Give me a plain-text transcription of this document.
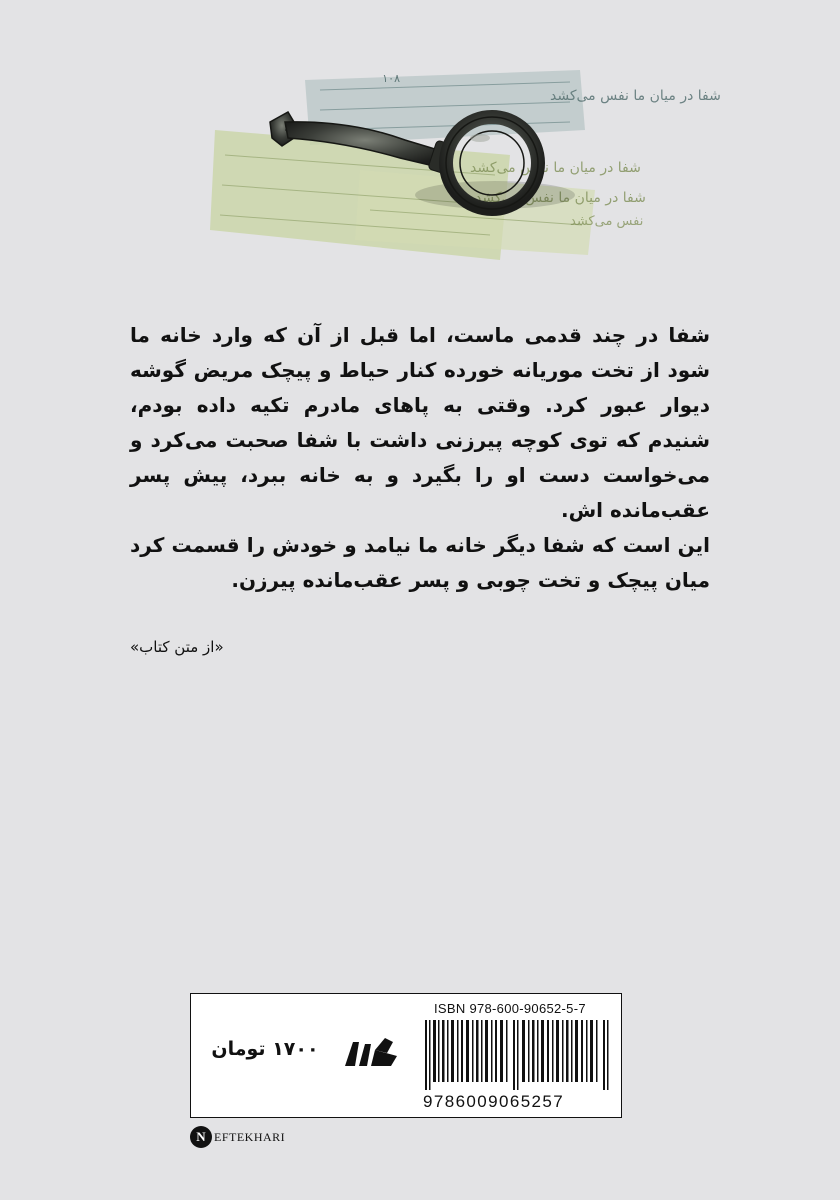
۱۰۸
شفا در میان ما نفس می‌کشد
شفا در میان ما نفس می‌کشد
شفا در میان ما نفس می‌کشد
نفس می‌کشد

شفا در چند قدمی ماست، اما قبل از آن که وارد خانه ما شود از تخت موریانه خورده کنار حیاط و پیچک مریض گوشه دیوار عبور کرد. وقتی به پاهای مادرم تکیه داده بودم، شنیدم که توی کوچه پیرزنی داشت با شفا صحبت می‌کرد و می‌خواست دست او را بگیرد و به خانه ببرد، پیش پسر عقب‌مانده اش.

این است که شفا دیگر خانه ما نیامد و خودش را قسمت کرد میان پیچک و تخت چوبی و پسر عقب‌مانده پیرزن.

«از متن کتاب»
۱۷۰۰ تومان
ISBN 978-600-90652-5-7
9786009065257
N EFTEKHARI
